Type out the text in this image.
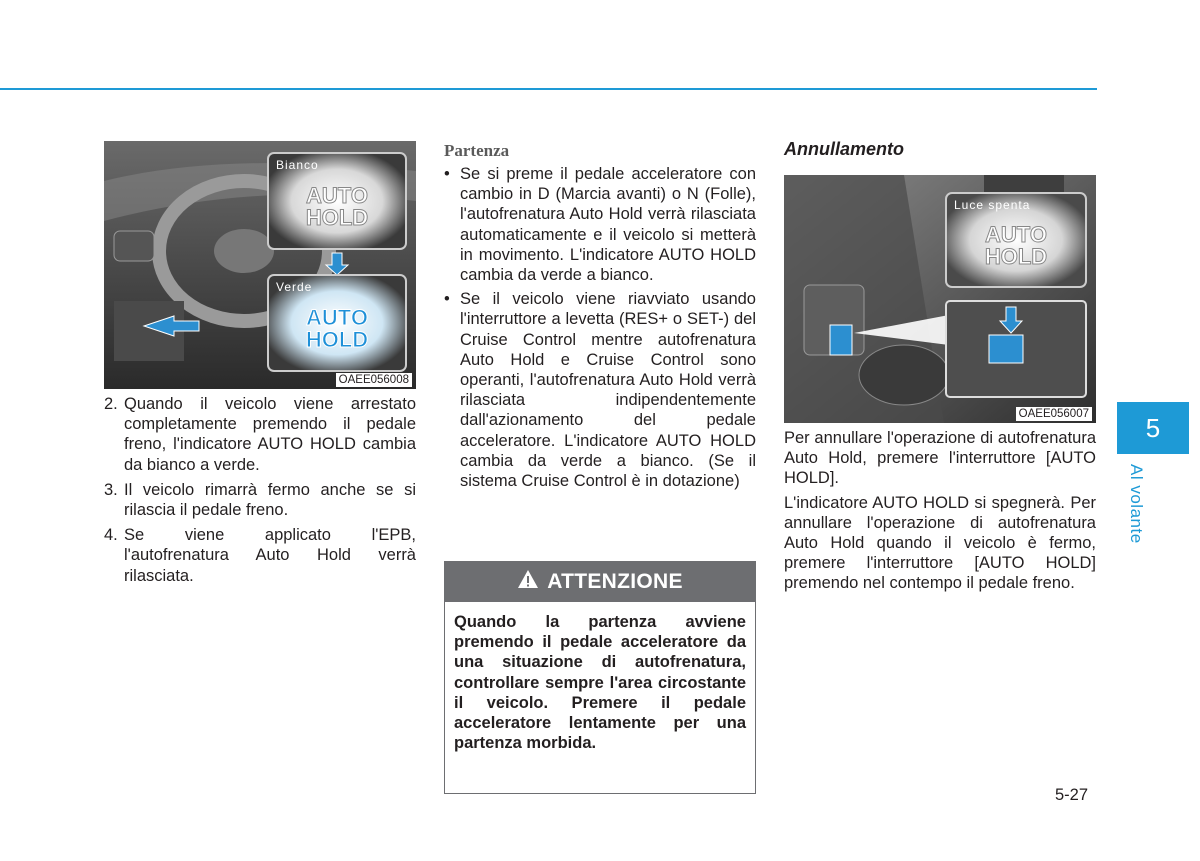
Bianco
AUTO
HOLD
Verde
AUTO
HOLD
OAEE056008
2. Quando il veicolo viene arrestato completamente premendo il pedale freno, l'indicatore AUTO HOLD cambia da bianco a verde.
3. Il veicolo rimarrà fermo anche se si rilascia il pedale freno.
4. Se viene applicato l'EPB, l'autofrenatura Auto Hold verrà rilasciata.
Partenza
• Se si preme il pedale acceleratore con cambio in D (Marcia avanti) o N (Folle), l'autofrenatura Auto Hold verrà rilasciata automaticamente e il veicolo si metterà in movimento. L'indicatore AUTO HOLD cambia da verde a bianco.
• Se il veicolo viene riavviato usando l'interruttore a levetta (RES+ o SET-) del Cruise Control mentre autofrenatura Auto Hold e Cruise Control sono operanti, l'autofrenatura Auto Hold verrà rilasciata indipendentemente dall'azionamento del pedale acceleratore. L'indicatore AUTO HOLD cambia da verde a bianco. (Se il sistema Cruise Control è in dotazione)
ATTENZIONE
Quando la partenza avviene premendo il pedale acceleratore da una situazione di autofrenatura, controllare sempre l'area circostante il veicolo. Premere il pedale acceleratore lentamente per una partenza morbida.
Annullamento
Luce spenta
AUTO
HOLD
OAEE056007

Per annullare l'operazione di autofrenatura Auto Hold, premere l'interruttore [AUTO HOLD].

L'indicatore AUTO HOLD si spegnerà. Per annullare l'operazione di autofrenatura Auto Hold quando il veicolo è fermo, premere l'interruttore [AUTO HOLD] premendo nel contempo il pedale freno.

5
Al volante
5-27
